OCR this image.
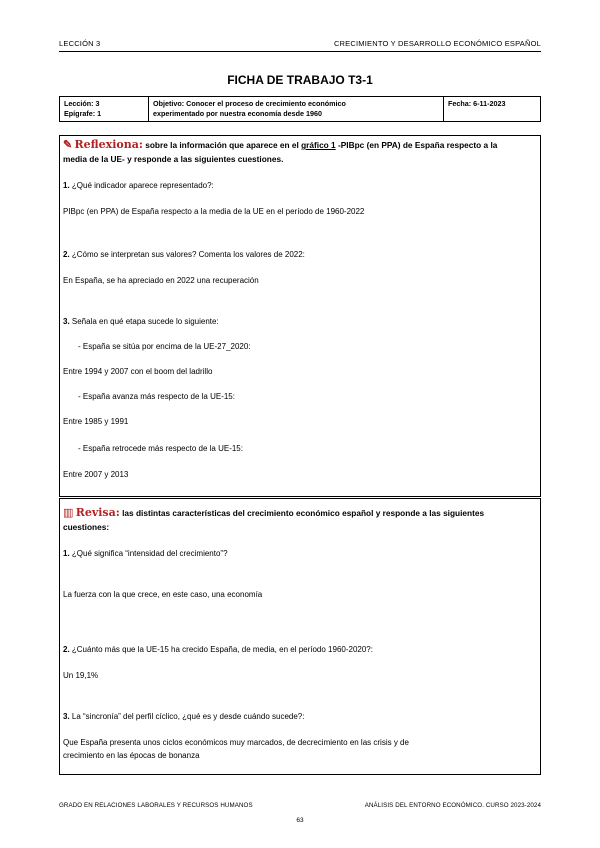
LECCIÓN 3	CRECIMIENTO Y DESARROLLO ECONÓMICO ESPAÑOL
FICHA DE TRABAJO T3-1
Lección: 3
Epígrafe: 1

Objetivo: Conocer el proceso de crecimiento económico
experimentado por nuestra economía desde 1960

Fecha: 6-11-2023
✎ Reflexiona: sobre la información que aparece en el gráfico 1 -PIBpc (en PPA) de España respecto a la
media de la UE- y responde a las siguientes cuestiones.
1. ¿Qué indicador aparece representado?:
PIBpc (en PPA) de España respecto a la media de la UE en el período de 1960-2022
2. ¿Cómo se interpretan sus valores? Comenta los valores de 2022:
En España, se ha apreciado en 2022 una recuperación
3. Señala en qué etapa sucede lo siguiente:
- España se sitúa por encima de la UE-27_2020:
Entre 1994 y 2007 con el boom del ladrillo
- España avanza más respecto de la UE-15:
Entre 1985 y 1991
- España retrocede más respecto de la UE-15:
Entre 2007 y 2013
▥ Revisa: las distintas características del crecimiento económico español y responde a las siguientes
cuestiones:
1. ¿Qué significa “intensidad del crecimiento”?
La fuerza con la que crece, en este caso, una economía
2. ¿Cuánto más que la UE-15 ha crecido España, de media, en el período 1960-2020?:
Un 19,1%
3. La “sincronía” del perfil cíclico, ¿qué es y desde cuándo sucede?:
Que España presenta unos ciclos económicos muy marcados, de decrecimiento en las crisis y de
crecimiento en las épocas de bonanza
GRADO EN RELACIONES LABORALES Y RECURSOS HUMANOS	ANÁLISIS DEL ENTORNO ECONÓMICO. CURSO 2023-2024
63
